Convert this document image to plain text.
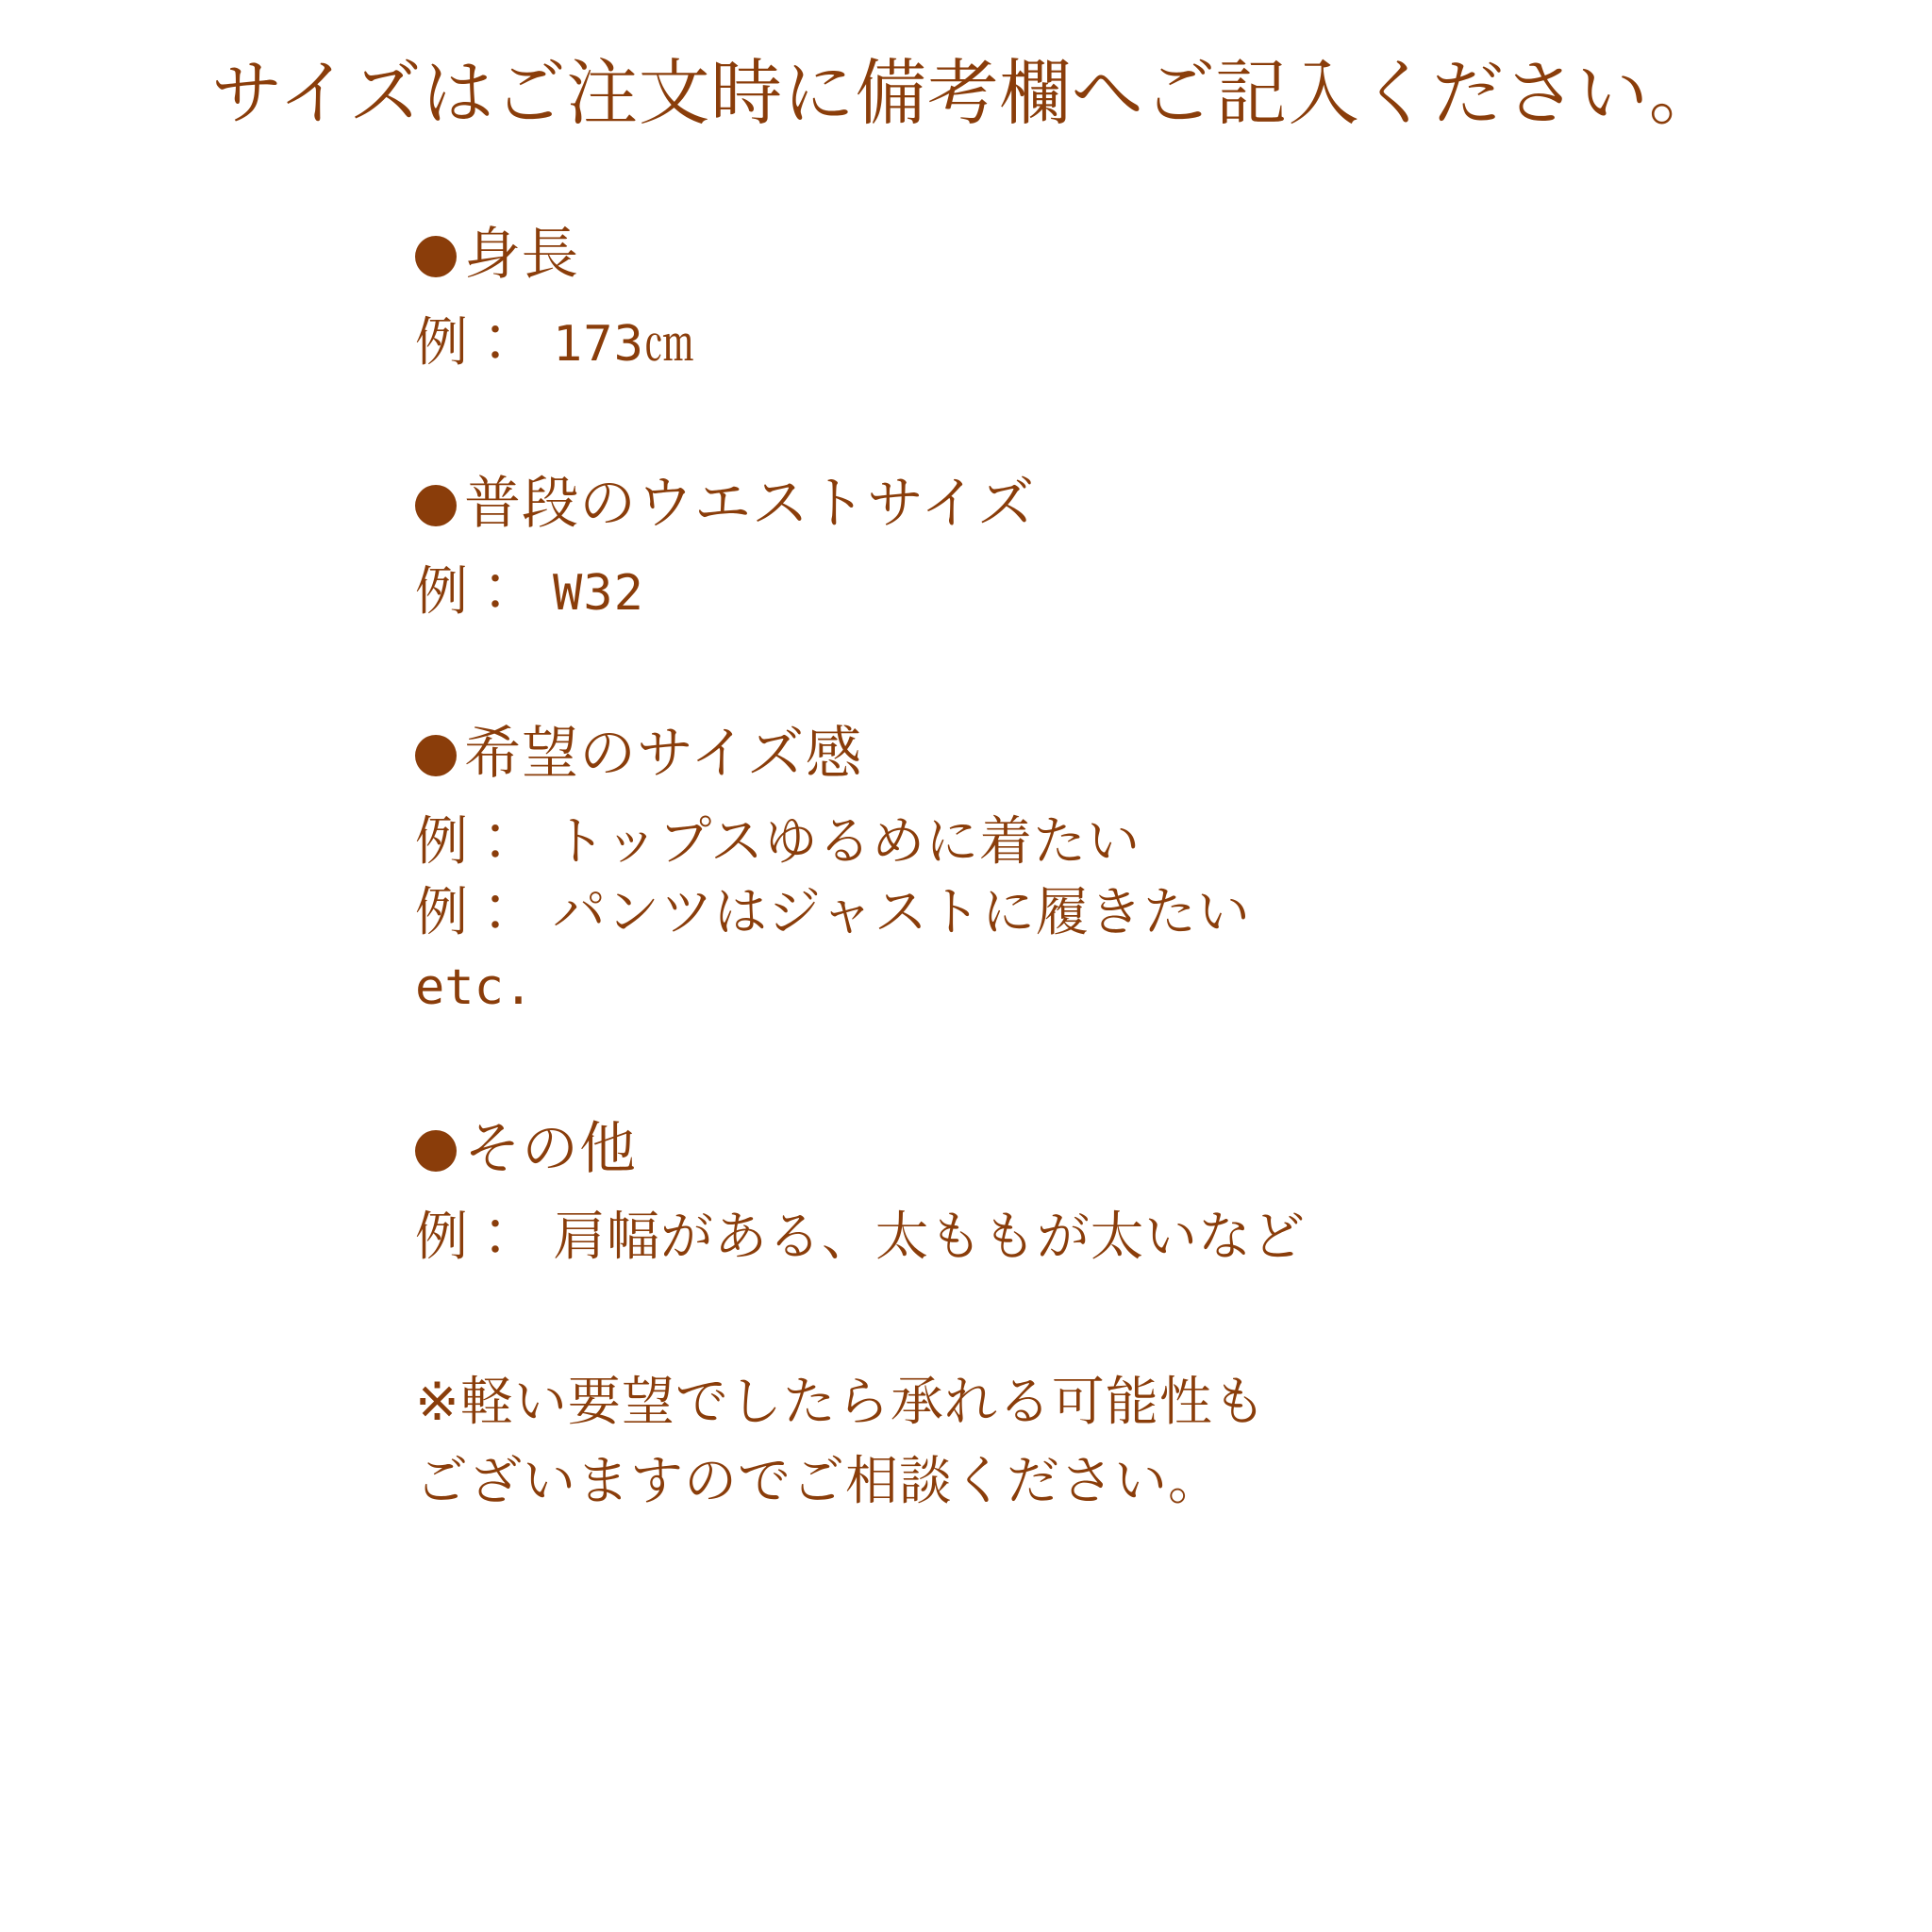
サイズはご注文時に備考欄へご記入ください。
身長
例： 173㎝
普段のウエストサイズ
例： W32
希望のサイズ感
例： トップスゆるめに着たい
例： パンツはジャストに履きたい
etc.
その他
例： 肩幅がある、太ももが太いなど
※軽い要望でしたら承れる可能性も
ございますのでご相談ください。
